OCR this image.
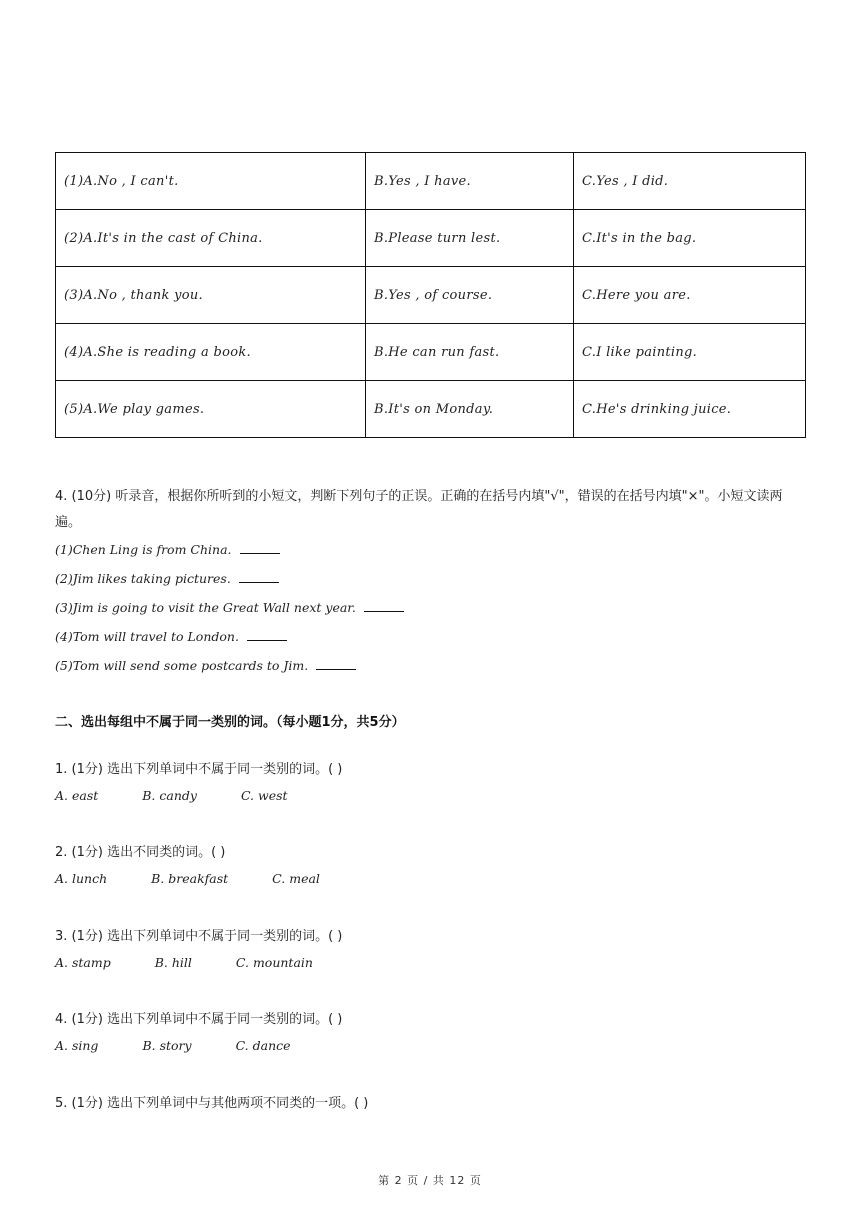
(1)A.No , I can't.	B.Yes , I have.	C.Yes , I did.
(2)A.It's in the cast of China.	B.Please turn lest.	C.It's in the bag.
(3)A.No , thank you.	B.Yes , of course.	C.Here you are.
(4)A.She is reading a book.	B.He can run fast.	C.I like painting.
(5)A.We play games.	B.It's on Monday.	C.He's drinking juice.
4. (10分) 听录音，根据你所听到的小短文，判断下列句子的正误。正确的在括号内填"√"，错误的在括号内填"×"。小短文读两遍。
(1)Chen Ling is from China.
(2)Jim likes taking pictures.
(3)Jim is going to visit the Great Wall next year.
(4)Tom will travel to London.
(5)Tom will send some postcards to Jim.
二、选出每组中不属于同一类别的词。（每小题1分，共5分）
1. (1分) 选出下列单词中不属于同一类别的词。( )
A. east	B. candy	C. west
2. (1分) 选出不同类的词。( )
A. lunch	B. breakfast	C. meal
3. (1分) 选出下列单词中不属于同一类别的词。( )
A. stamp	B. hill	C. mountain
4. (1分) 选出下列单词中不属于同一类别的词。( )
A. sing	B. story	C. dance
5. (1分) 选出下列单词中与其他两项不同类的一项。( )
第 2 页 / 共 12 页
